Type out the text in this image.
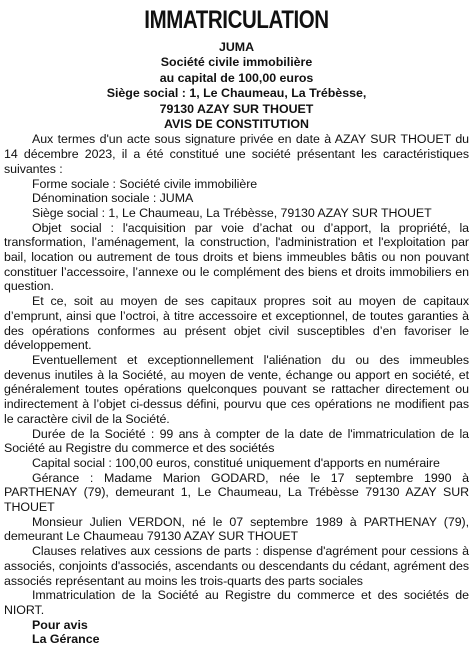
IMMATRICULATION

JUMA

Société civile immobilière

au capital de 100,00 euros

Siège social : 1, Le Chaumeau, La Trébèsse,

79130 AZAY SUR THOUET

AVIS DE CONSTITUTION

Aux termes d'un acte sous signature privée en date à AZAY SUR THOUET du 14 décembre 2023, il a été constitué une société présentant les caractéristiques suivantes :

Forme sociale : Société civile immobilière

Dénomination sociale : JUMA

Siège social : 1, Le Chaumeau, La Trébèsse, 79130 AZAY SUR THOUET

Objet social : l'acquisition par voie d’achat ou d’apport, la propriété, la transformation, l’aménagement, la construction, l'administration et l'exploitation par bail, location ou autrement de tous droits et biens immeubles bâtis ou non pouvant constituer l’accessoire, l’annexe ou le complément des biens et droits immobiliers en question.

Et ce, soit au moyen de ses capitaux propres soit au moyen de capitaux d’emprunt, ainsi que l’octroi, à titre accessoire et exceptionnel, de toutes garanties à des opérations conformes au présent objet civil susceptibles d’en favoriser le développement.

Eventuellement et exceptionnellement l'aliénation du ou des immeubles devenus inutiles à la Société, au moyen de vente, échange ou apport en société, et généralement toutes opérations quelconques pouvant se rattacher directement ou indirectement à l’objet ci-dessus défini, pourvu que ces opérations ne modifient pas le caractère civil de la Société.

Durée de la Société : 99 ans à compter de la date de l'immatriculation de la Société au Registre du commerce et des sociétés

Capital social : 100,00 euros, constitué uniquement d'apports en numéraire

Gérance : Madame Marion GODARD, née le 17 septembre 1990 à PARTHENAY (79), demeurant 1, Le Chaumeau, La Trébèsse 79130 AZAY SUR THOUET

Monsieur Julien VERDON, né le 07 septembre 1989 à PARTHENAY (79), demeurant Le Chaumeau 79130 AZAY SUR THOUET

Clauses relatives aux cessions de parts : dispense d'agrément pour cessions à associés, conjoints d'associés, ascendants ou descendants du cédant, agrément des associés représentant au moins les trois-quarts des parts sociales

Immatriculation de la Société au Registre du commerce et des sociétés de NIORT.

Pour avis

La Gérance
